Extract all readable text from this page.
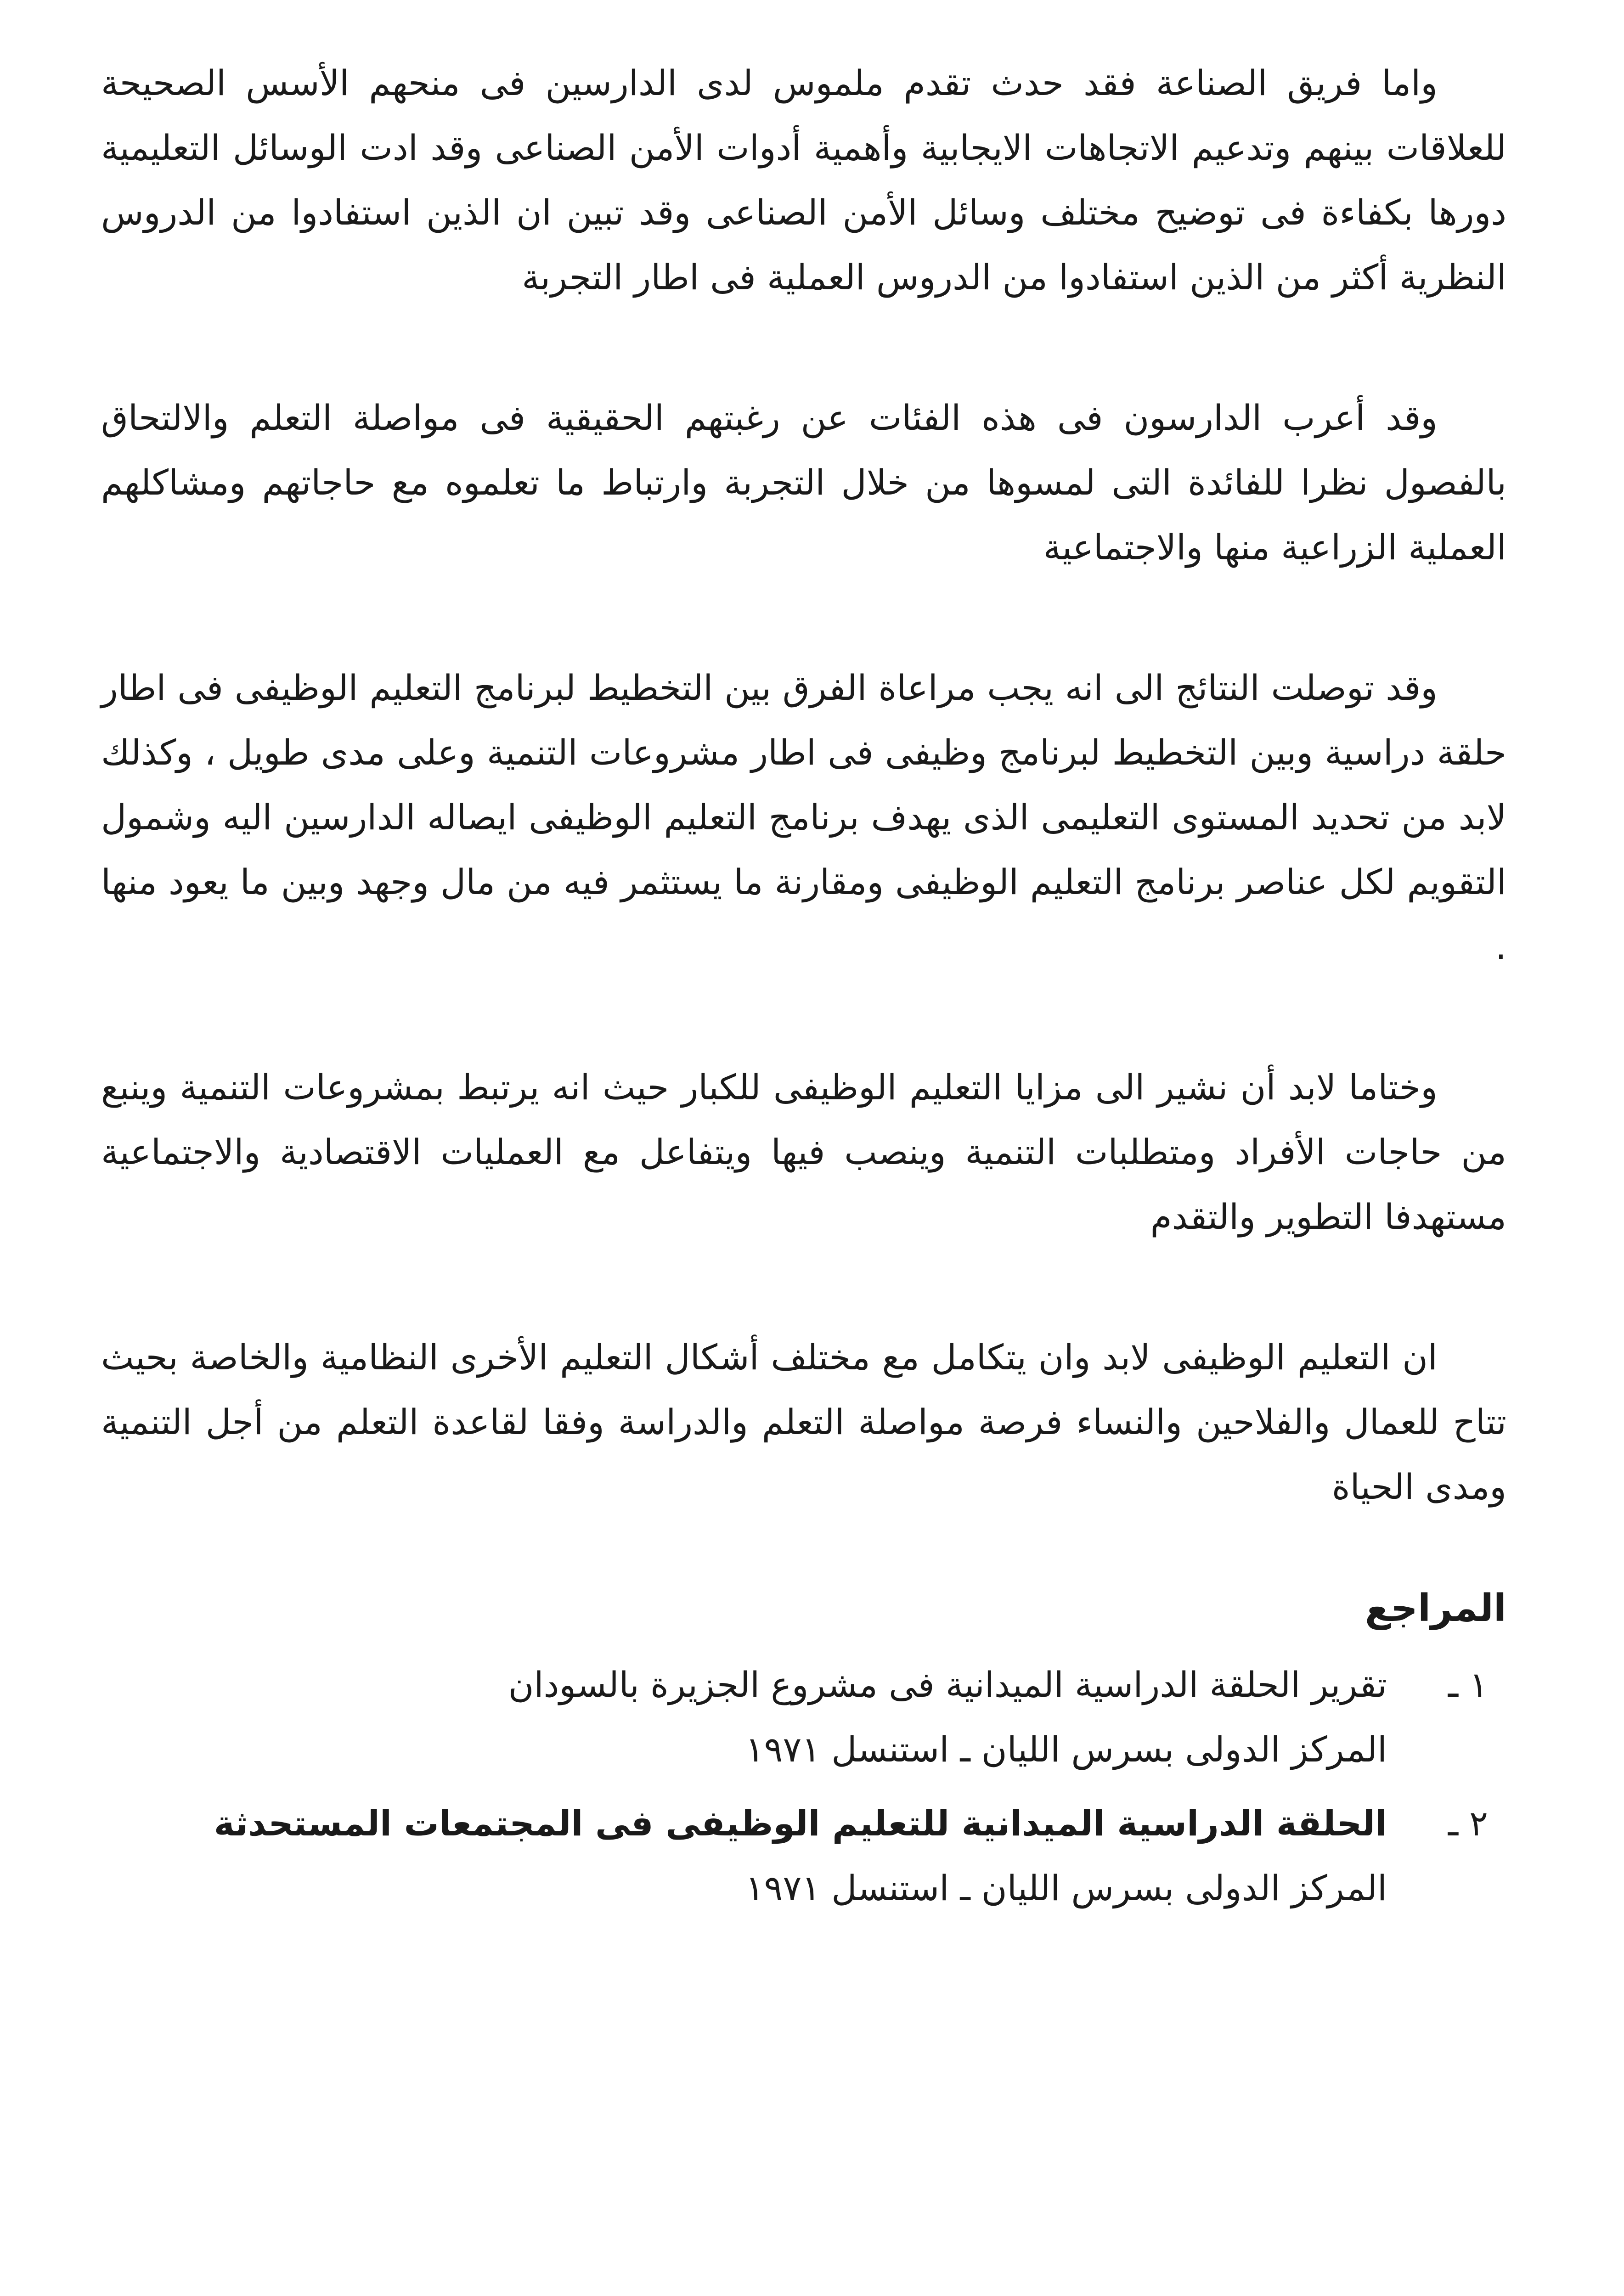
واما فريق الصناعة فقد حدث تقدم ملموس لدى الدارسين فى منحهم الأسس الصحيحة للعلاقات بينهم وتدعيم الاتجاهات الايجابية وأهمية أدوات الأمن الصناعى وقد ادت الوسائل التعليمية دورها بكفاءة فى توضيح مختلف وسائل الأمن الصناعى وقد تبين ان الذين استفادوا من الدروس النظرية أكثر من الذين استفادوا من الدروس العملية فى اطار التجربة

وقد أعرب الدارسون فى هذه الفئات عن رغبتهم الحقيقية فى مواصلة التعلم والالتحاق بالفصول نظرا للفائدة التى لمسوها من خلال التجربة وارتباط ما تعلموه مع حاجاتهم ومشاكلهم العملية الزراعية منها والاجتماعية

وقد توصلت النتائج الى انه يجب مراعاة الفرق بين التخطيط لبرنامج التعليم الوظيفى فى اطار حلقة دراسية وبين التخطيط لبرنامج وظيفى فى اطار مشروعات التنمية وعلى مدى طويل ، وكذلك لابد من تحديد المستوى التعليمى الذى يهدف برنامج التعليم الوظيفى ايصاله الدارسين اليه وشمول التقويم لكل عناصر برنامج التعليم الوظيفى ومقارنة ما يستثمر فيه من مال وجهد وبين ما يعود منها .

وختاما لابد أن نشير الى مزايا التعليم الوظيفى للكبار حيث انه يرتبط بمشروعات التنمية وينبع من حاجات الأفراد ومتطلبات التنمية وينصب فيها ويتفاعل مع العمليات الاقتصادية والاجتماعية مستهدفا التطوير والتقدم

ان التعليم الوظيفى لابد وان يتكامل مع مختلف أشكال التعليم الأخرى النظامية والخاصة بحيث تتاح للعمال والفلاحين والنساء فرصة مواصلة التعلم والدراسة وفقا لقاعدة التعلم من أجل التنمية ومدى الحياة

المراجع
١ ـ
تقرير الحلقة الدراسية الميدانية فى مشروع الجزيرة بالسودان
المركز الدولى بسرس الليان ـ استنسل ١٩٧١
٢ ـ
الحلقة الدراسية الميدانية للتعليم الوظيفى فى المجتمعات المستحدثة
المركز الدولى بسرس الليان ـ استنسل ١٩٧١
